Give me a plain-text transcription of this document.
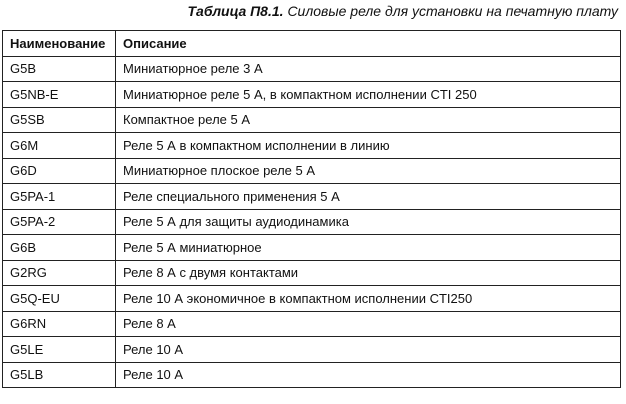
Таблица П8.1. Силовые реле для установки на печатную плату
Наименование	Описание
G5B	Миниатюрное реле 3 А
G5NB-E	Миниатюрное реле 5 А, в компактном исполнении CTI 250
G5SB	Компактное реле 5 А
G6M	Реле 5 А в компактном исполнении в линию
G6D	Миниатюрное плоское реле 5 А
G5PA-1	Реле специального применения 5 А
G5PA-2	Реле 5 А для защиты аудиодинамика
G6B	Реле 5 А миниатюрное
G2RG	Реле 8 А с двумя контактами
G5Q-EU	Реле 10 А экономичное в компактном исполнении CTI250
G6RN	Реле 8 А
G5LE	Реле 10 А
G5LB	Реле 10 А
